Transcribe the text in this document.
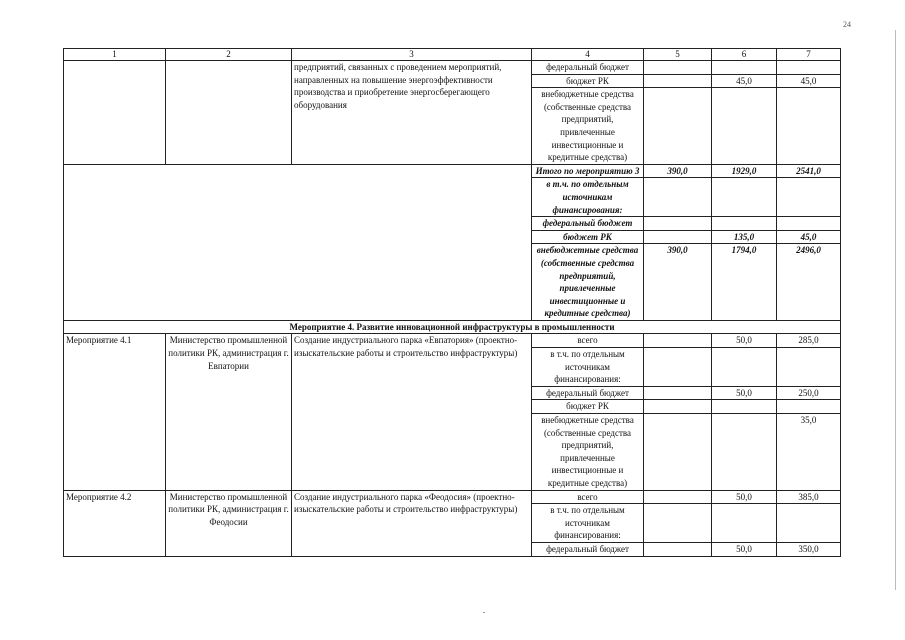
24
1	2	3	4	5	6	7
		предприятий, связанных с проведением мероприятий, направленных на повышение энергоэффективности производства и приобретение энергосберегающего оборудования	федеральный бюджет			
			бюджет РК		45,0	45,0
			внебюджетные средства (собственные средства предприятий, привлеченные инвестиционные и кредитные средства)			
			Итого по мероприятию 3	390,0	1929,0	2541,0
			в т.ч. по отдельным источникам финансирования:			
			федеральный бюджет			
			бюджет РК		135,0	45,0
			внебюджетные средства (собственные средства предприятий, привлеченные инвестиционные и кредитные средства)	390,0	1794,0	2496,0
Мероприятие 4. Развитие инновационной инфраструктуры в промышленности						
Мероприятие 4.1	Министерство промышленной политики РК, администрация г. Евпатории	Создание индустриального парка «Евпатория» (проектно-изыскательские работы и строительство инфраструктуры)	всего		50,0	285,0
			в т.ч. по отдельным источникам финансирования:			
			федеральный бюджет		50,0	250,0
			бюджет РК			
			внебюджетные средства (собственные средства предприятий, привлеченные инвестиционные и кредитные средства)			35,0
Мероприятие 4.2	Министерство промышленной политики РК, администрация г. Феодосии	Создание индустриального парка «Феодосия» (проектно-изыскательские работы и строительство инфраструктуры)	всего		50,0	385,0
			в т.ч. по отдельным источникам финансирования:			
			федеральный бюджет		50,0	350,0
